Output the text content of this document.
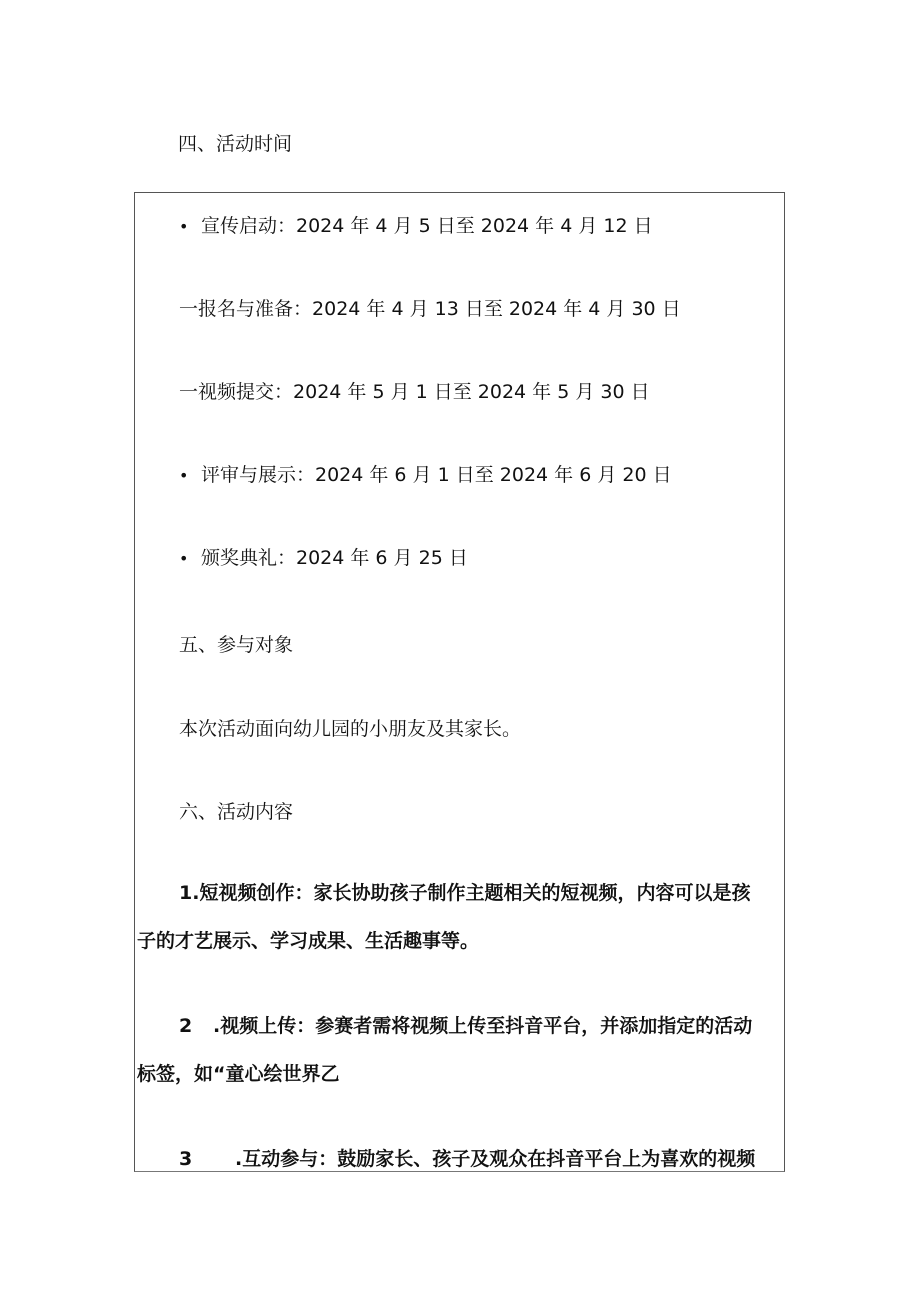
四、活动时间

• 宣传启动：2024 年 4 月 5 日至 2024 年 4 月 12 日

一报名与准备：2024 年 4 月 13 日至 2024 年 4 月 30 日

一视频提交：2024 年 5 月 1 日至 2024 年 5 月 30 日

• 评审与展示：2024 年 6 月 1 日至 2024 年 6 月 20 日

• 颁奖典礼：2024 年 6 月 25 日

五、参与对象

本次活动面向幼儿园的小朋友及其家长。

六、活动内容

1.短视频创作：家长协助孩子制作主题相关的短视频，内容可以是孩

子的才艺展示、学习成果、生活趣事等。

2 .视频上传：参赛者需将视频上传至抖音平台，并添加指定的活动

标签，如“童心绘世界乙

3 .互动参与：鼓励家长、孩子及观众在抖音平台上为喜欢的视频
